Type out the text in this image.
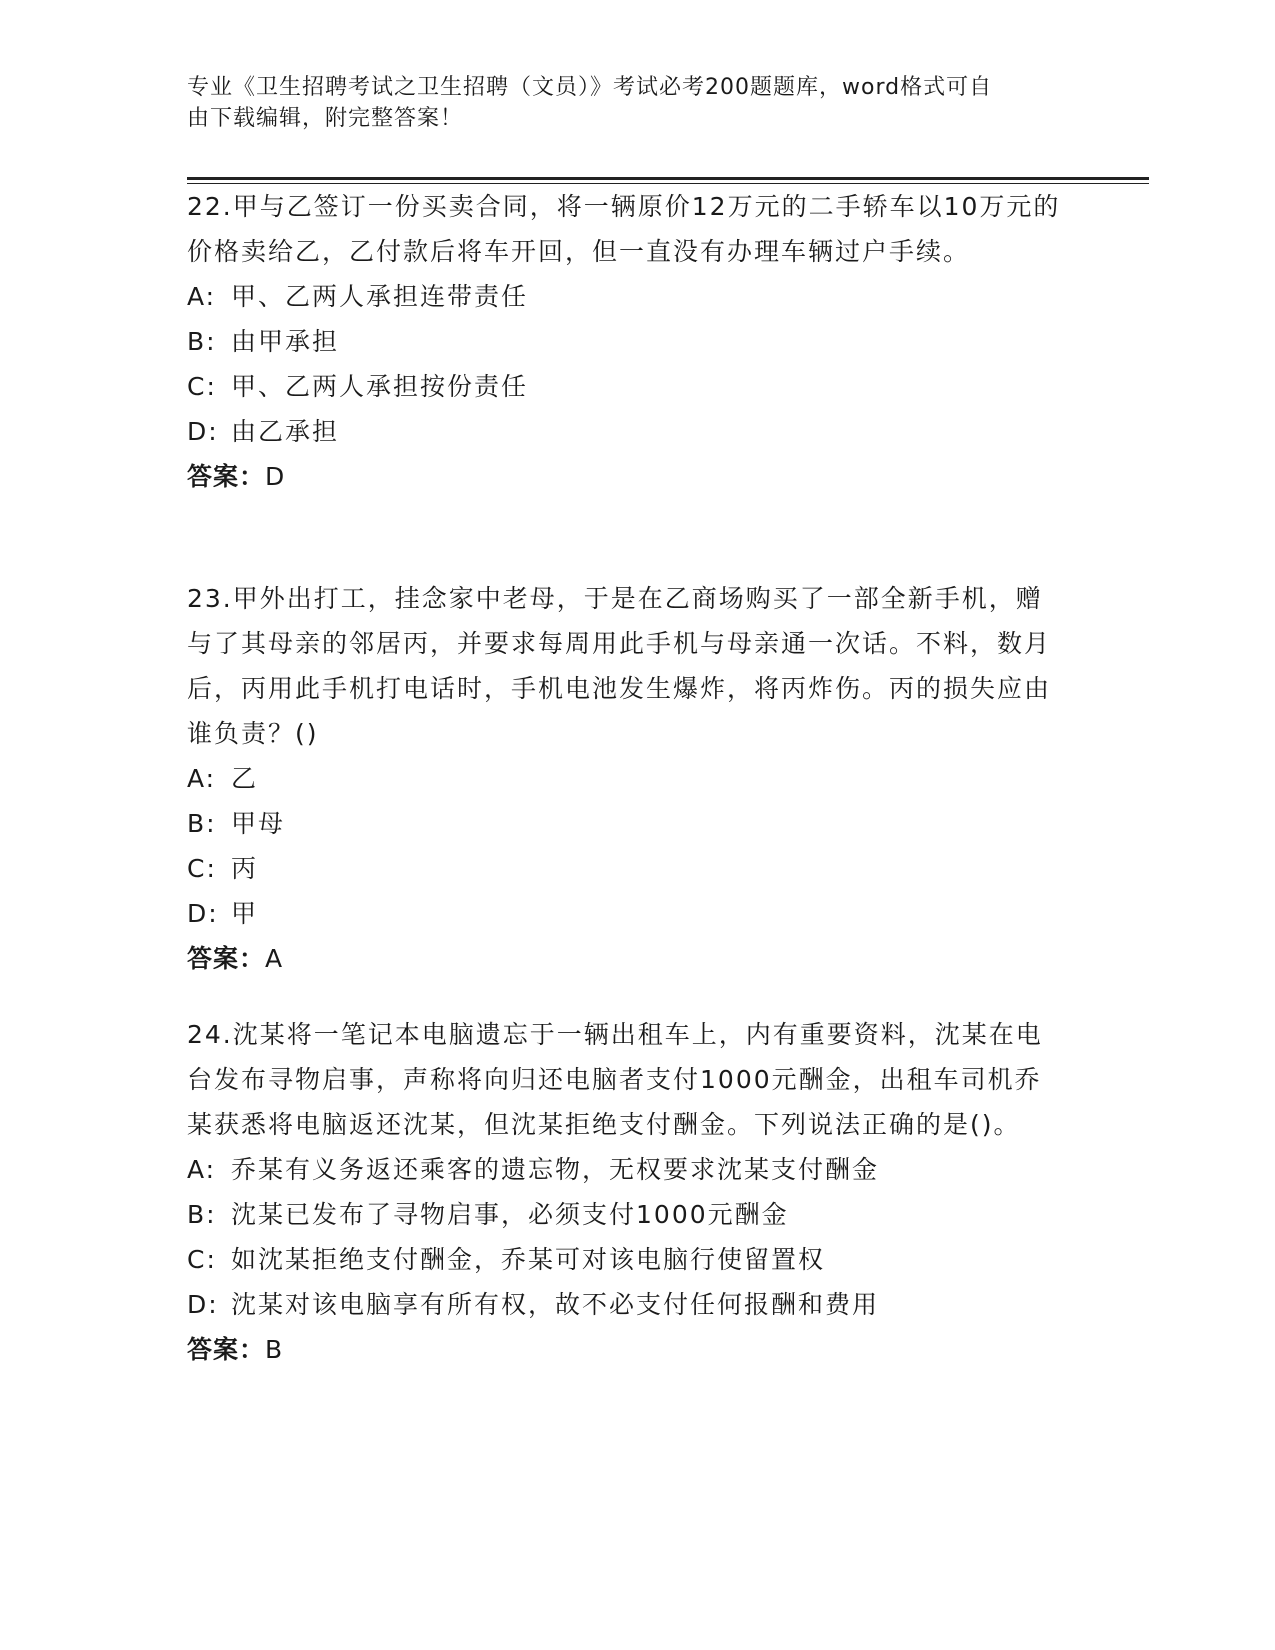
专业《卫生招聘考试之卫生招聘（文员）》考试必考200题题库，word格式可自
由下载编辑，附完整答案！

22.甲与乙签订一份买卖合同，将一辆原价12万元的二手轿车以10万元的价格卖给乙，乙付款后将车开回，但一直没有办理车辆过户手续。

A: 甲、乙两人承担连带责任
B: 由甲承担
C: 甲、乙两人承担按份责任
D: 由乙承担
答案：D

23.甲外出打工，挂念家中老母，于是在乙商场购买了一部全新手机，赠与了其母亲的邻居丙，并要求每周用此手机与母亲通一次话。不料，数月后，丙用此手机打电话时，手机电池发生爆炸，将丙炸伤。丙的损失应由谁负责？()

A: 乙
B: 甲母
C: 丙
D: 甲
答案：A

24.沈某将一笔记本电脑遗忘于一辆出租车上，内有重要资料，沈某在电台发布寻物启事，声称将向归还电脑者支付1000元酬金，出租车司机乔某获悉将电脑返还沈某，但沈某拒绝支付酬金。下列说法正确的是()。

A: 乔某有义务返还乘客的遗忘物，无权要求沈某支付酬金
B: 沈某已发布了寻物启事，必须支付1000元酬金
C: 如沈某拒绝支付酬金，乔某可对该电脑行使留置权
D: 沈某对该电脑享有所有权，故不必支付任何报酬和费用
答案：B
